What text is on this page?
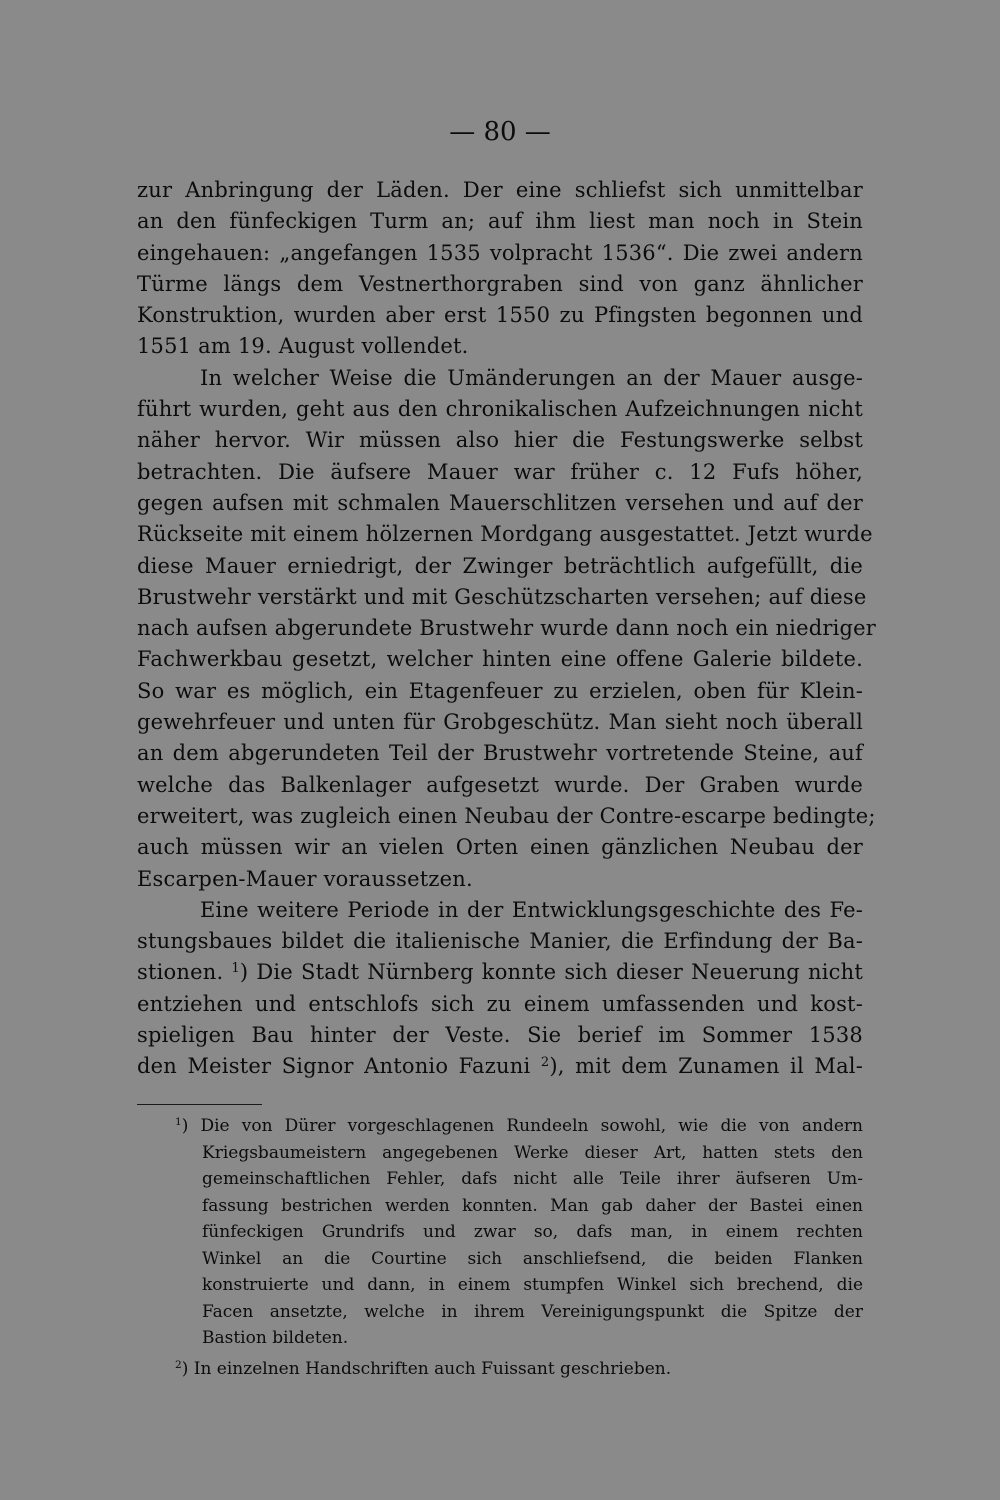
— 80 —
zur Anbringung der Läden. Der eine schliefst sich unmittelbar
an den fünfeckigen Turm an; auf ihm liest man noch in Stein
eingehauen: „angefangen 1535 volpracht 1536“. Die zwei andern
Türme längs dem Vestnerthorgraben sind von ganz ähnlicher
Konstruktion, wurden aber erst 1550 zu Pfingsten begonnen und
1551 am 19. August vollendet.
In welcher Weise die Umänderungen an der Mauer ausge-
führt wurden, geht aus den chronikalischen Aufzeichnungen nicht
näher hervor. Wir müssen also hier die Festungswerke selbst
betrachten. Die äufsere Mauer war früher c. 12 Fufs höher,
gegen aufsen mit schmalen Mauerschlitzen versehen und auf der
Rückseite mit einem hölzernen Mordgang ausgestattet. Jetzt wurde
diese Mauer erniedrigt, der Zwinger beträchtlich aufgefüllt, die
Brustwehr verstärkt und mit Geschützscharten versehen; auf diese
nach aufsen abgerundete Brustwehr wurde dann noch ein niedriger
Fachwerkbau gesetzt, welcher hinten eine offene Galerie bildete.
So war es möglich, ein Etagenfeuer zu erzielen, oben für Klein-
gewehrfeuer und unten für Grobgeschütz. Man sieht noch überall
an dem abgerundeten Teil der Brustwehr vortretende Steine, auf
welche das Balkenlager aufgesetzt wurde. Der Graben wurde
erweitert, was zugleich einen Neubau der Contre-escarpe bedingte;
auch müssen wir an vielen Orten einen gänzlichen Neubau der
Escarpen-Mauer voraussetzen.
Eine weitere Periode in der Entwicklungsgeschichte des Fe-
stungsbaues bildet die italienische Manier, die Erfindung der Ba-
stionen. $^1$) Die Stadt Nürnberg konnte sich dieser Neuerung nicht
entziehen und entschlofs sich zu einem umfassenden und kost-
spieligen Bau hinter der Veste. Sie berief im Sommer 1538
den Meister Signor Antonio Fazuni $^2$), mit dem Zunamen il Mal-
$^1$) Die von Dürer vorgeschlagenen Rundeeln sowohl, wie die von andern
Kriegsbaumeistern angegebenen Werke dieser Art, hatten stets den
gemeinschaftlichen Fehler, dafs nicht alle Teile ihrer äufseren Um-
fassung bestrichen werden konnten. Man gab daher der Bastei einen
fünfeckigen Grundrifs und zwar so, dafs man, in einem rechten
Winkel an die Courtine sich anschliefsend, die beiden Flanken
konstruierte und dann, in einem stumpfen Winkel sich brechend, die
Facen ansetzte, welche in ihrem Vereinigungspunkt die Spitze der
Bastion bildeten.
$^2$) In einzelnen Handschriften auch Fuissant geschrieben.
